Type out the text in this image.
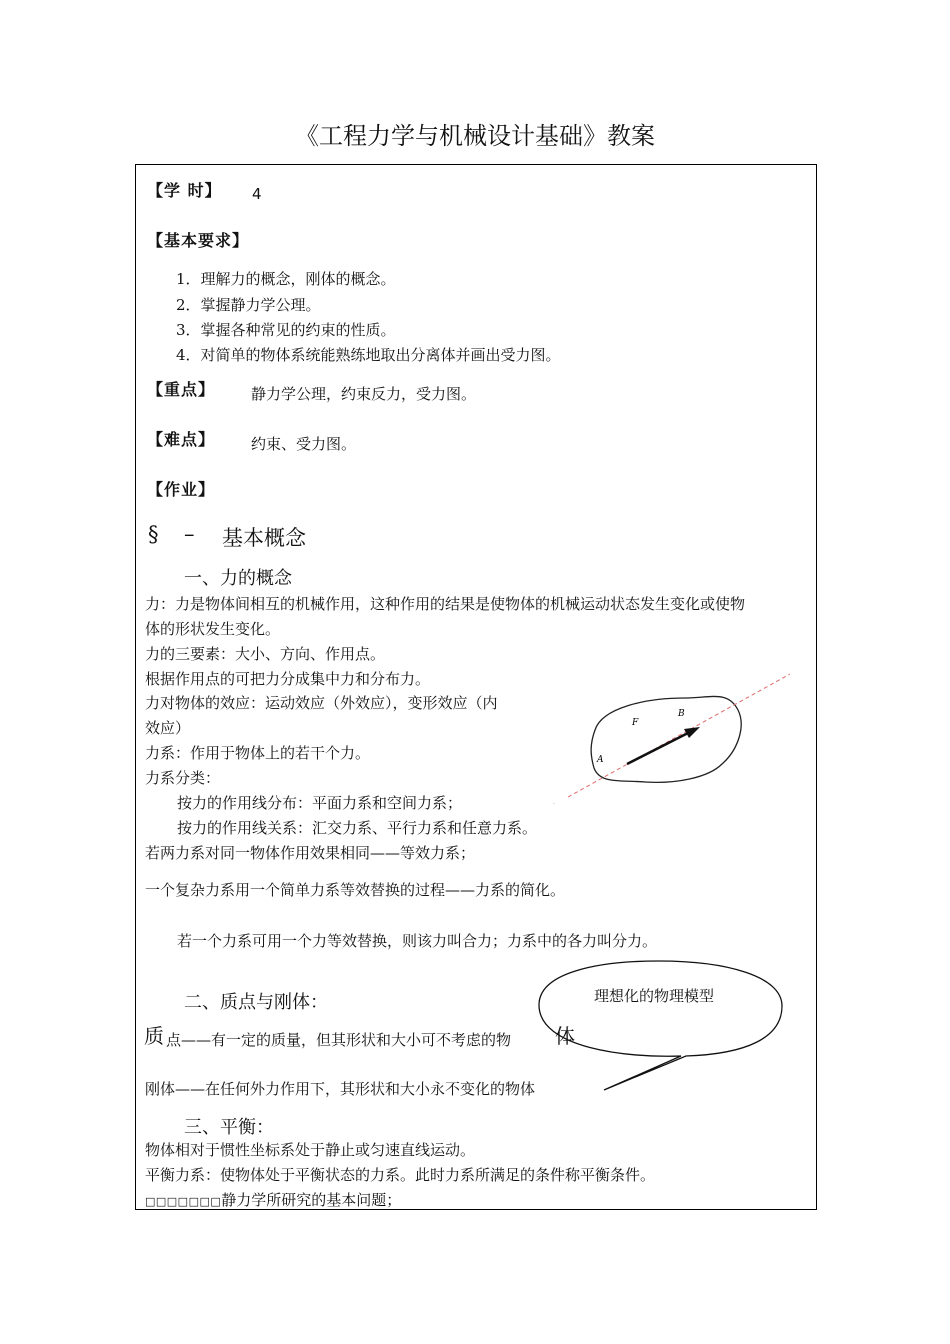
《工程力学与机械设计基础》教案
【学 时】 4
【基本要求】
1．理解力的概念，刚体的概念。
2．掌握静力学公理。
3．掌握各种常见的约束的性质。
4．对简单的物体系统能熟练地取出分离体并画出受力图。
【重点】 静力学公理，约束反力，受力图。
【难点】 约束、受力图。
【作业】
§ – 基本概念
一、力的概念
力：力是物体间相互的机械作用，这种作用的结果是使物体的机械运动状态发生变化或使物
体的形状发生变化。
力的三要素：大小、方向、作用点。
根据作用点的可把力分成集中力和分布力。
力对物体的效应：运动效应（外效应），变形效应（内
效应）
力系：作用于物体上的若干个力。
力系分类：
按力的作用线分布：平面力系和空间力系；
按力的作用线关系：汇交力系、平行力系和任意力系。
若两力系对同一物体作用效果相同——等效力系；
一个复杂力系用一个简单力系等效替换的过程——力系的简化。
若一个力系可用一个力等效替换，则该力叫合力；力系中的各力叫分力。
F
B
A
.
二、质点与刚体：	理想化的物理模型
质 点——有一定的质量，但其形状和大小可不考虑的物 体
刚体——在任何外力作用下，其形状和大小永不变化的物体
三、平衡：
物体相对于惯性坐标系处于静止或匀速直线运动。
平衡力系：使物体处于平衡状态的力系。此时力系所满足的条件称平衡条件。
□□□□□□□静力学所研究的基本问题；
